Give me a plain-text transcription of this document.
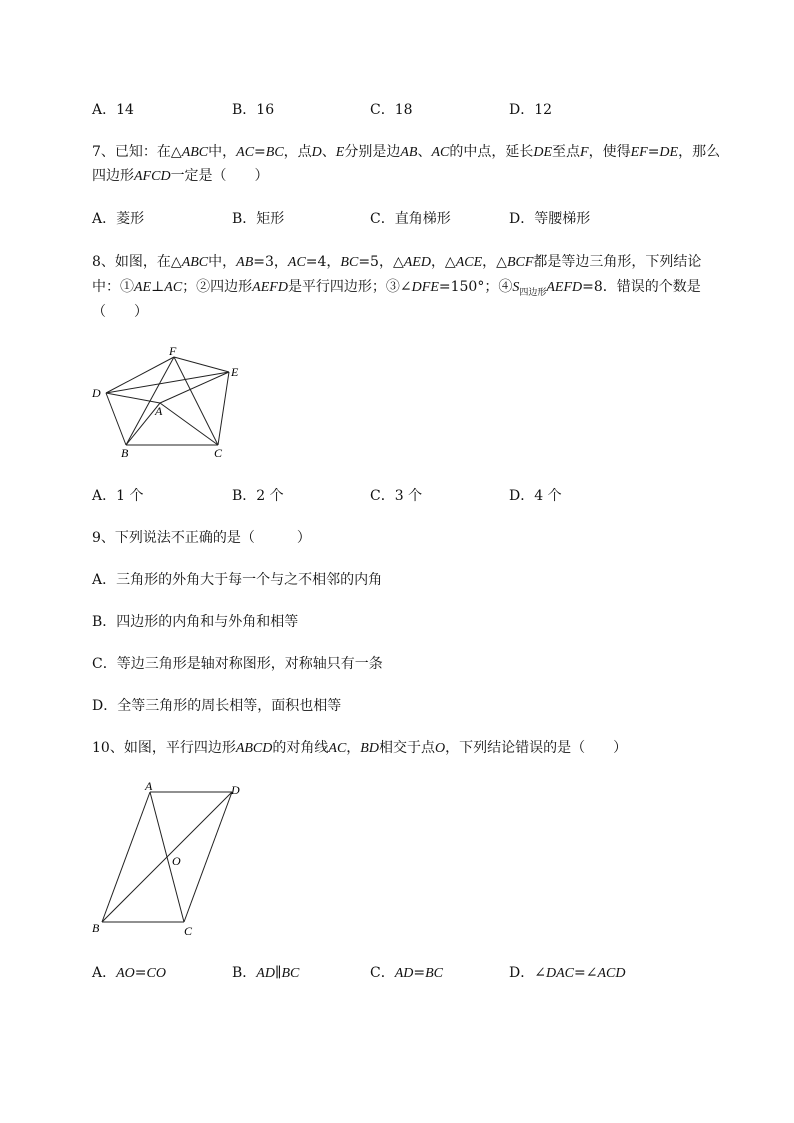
A．14	B．16	C．18	D．12
7、已知：在△ABC中，AC=BC，点D、E分别是边AB、AC的中点，延长DE至点F，使得EF=DE，那么
四边形AFCD一定是（　　）
A．菱形	B．矩形	C．直角梯形	D．等腰梯形
8、如图，在△ABC中，AB=3，AC=4，BC=5，△AED，△ACE，△BCF都是等边三角形，下列结论
中：①AE⊥AC；②四边形AEFD是平行四边形；③∠DFE=150°；$④S_{四边形}AEFD=8$．错误的个数是
（　　）
F
E
D
A
B	C
A．1 个	B．2 个	C．3 个	D．4 个
9、下列说法不正确的是（　　　）
A．三角形的外角大于每一个与之不相邻的内角
B．四边形的内角和与外角和相等
C．等边三角形是轴对称图形，对称轴只有一条
D．全等三角形的周长相等，面积也相等
10、如图，平行四边形ABCD的对角线AC，BD相交于点O，下列结论错误的是（　　）
A	D
O
B	C
A．AO=CO	B．AD∥BC	C．AD=BC	D．∠DAC=∠ACD
